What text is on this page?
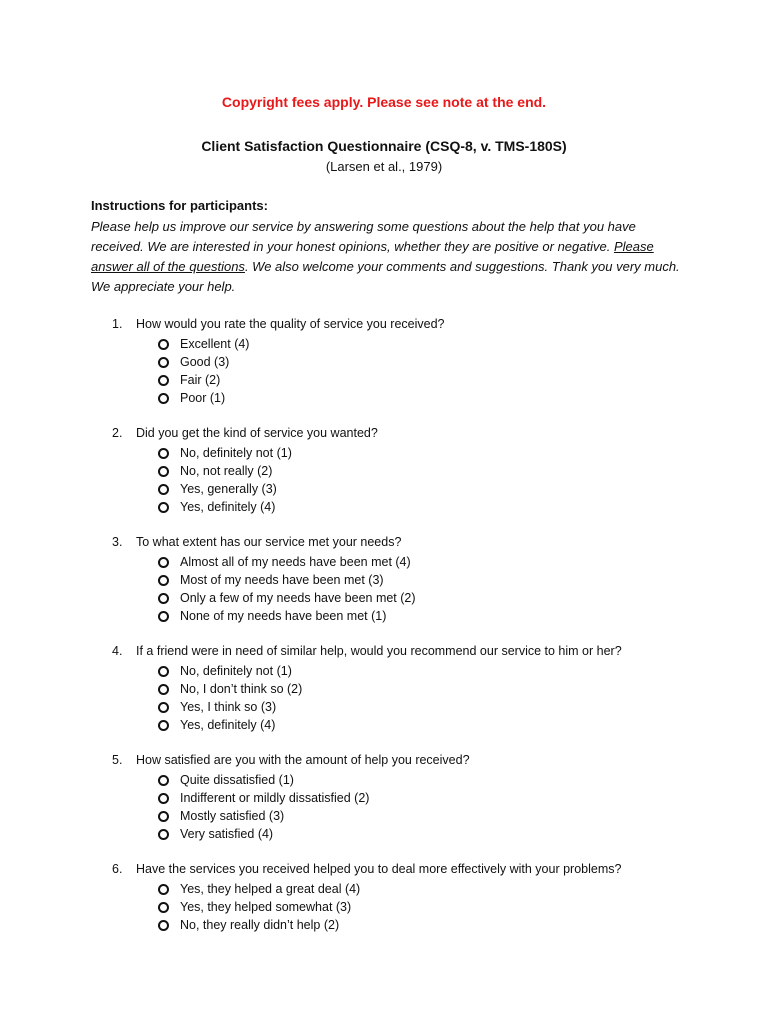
Copyright fees apply. Please see note at the end.
Client Satisfaction Questionnaire (CSQ-8, v. TMS-180S)
(Larsen et al., 1979)
Instructions for participants:
Please help us improve our service by answering some questions about the help that you have received. We are interested in your honest opinions, whether they are positive or negative. Please answer all of the questions. We also welcome your comments and suggestions. Thank you very much. We appreciate your help.
1. How would you rate the quality of service you received?
Excellent (4)
Good (3)
Fair (2)
Poor (1)
2. Did you get the kind of service you wanted?
No, definitely not (1)
No, not really (2)
Yes, generally (3)
Yes, definitely (4)
3. To what extent has our service met your needs?
Almost all of my needs have been met (4)
Most of my needs have been met (3)
Only a few of my needs have been met (2)
None of my needs have been met (1)
4. If a friend were in need of similar help, would you recommend our service to him or her?
No, definitely not (1)
No, I don’t think so (2)
Yes, I think so (3)
Yes, definitely (4)
5. How satisfied are you with the amount of help you received?
Quite dissatisfied (1)
Indifferent or mildly dissatisfied (2)
Mostly satisfied (3)
Very satisfied (4)
6. Have the services you received helped you to deal more effectively with your problems?
Yes, they helped a great deal (4)
Yes, they helped somewhat (3)
No, they really didn’t help (2)
